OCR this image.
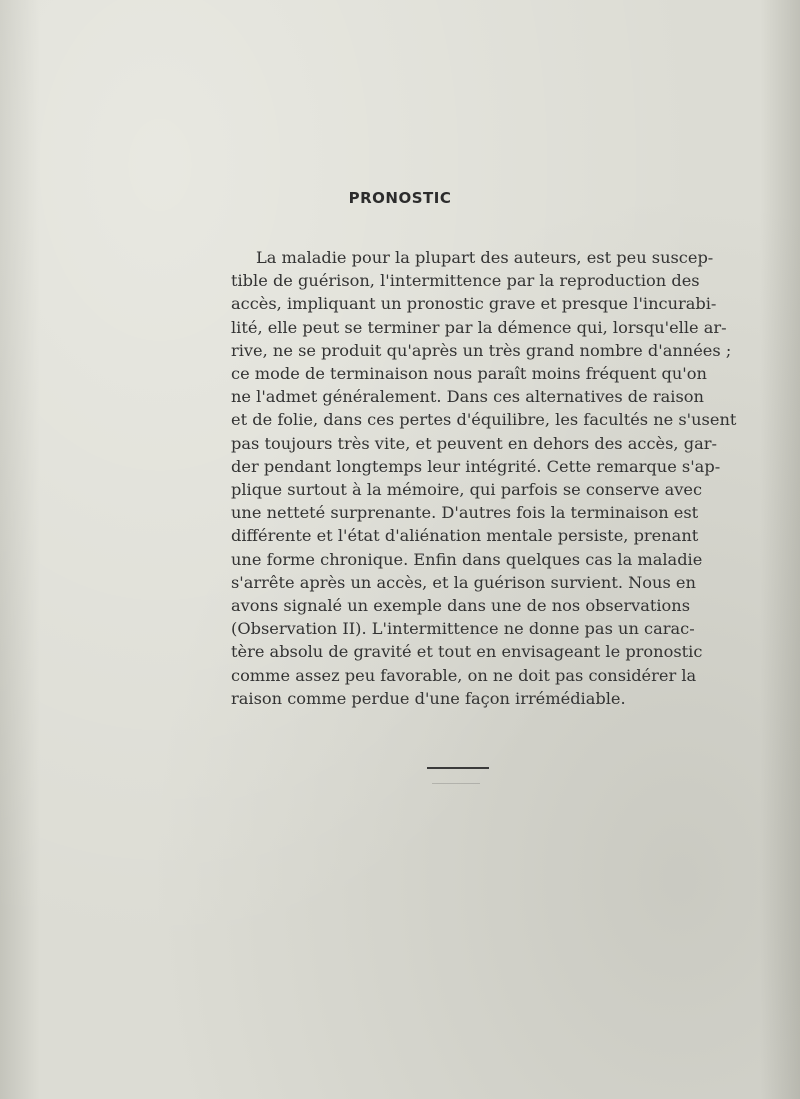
PRONOSTIC
La maladie pour la plupart des auteurs, est peu suscep-
tible de guérison, l'intermittence par la reproduction des
accès, impliquant un pronostic grave et presque l'incurabi-
lité, elle peut se terminer par la démence qui, lorsqu'elle ar-
rive, ne se produit qu'après un très grand nombre d'années ;
ce mode de terminaison nous paraît moins fréquent qu'on
ne l'admet généralement. Dans ces alternatives de raison
et de folie, dans ces pertes d'équilibre, les facultés ne s'usent
pas toujours très vite, et peuvent en dehors des accès, gar-
der pendant longtemps leur intégrité. Cette remarque s'ap-
plique surtout à la mémoire, qui parfois se conserve avec
une netteté surprenante. D'autres fois la terminaison est
différente et l'état d'aliénation mentale persiste, prenant
une forme chronique. Enfin dans quelques cas la maladie
s'arrête après un accès, et la guérison survient. Nous en
avons signalé un exemple dans une de nos observations
(Observation II). L'intermittence ne donne pas un carac-
tère absolu de gravité et tout en envisageant le pronostic
comme assez peu favorable, on ne doit pas considérer la
raison comme perdue d'une façon irrémédiable.
